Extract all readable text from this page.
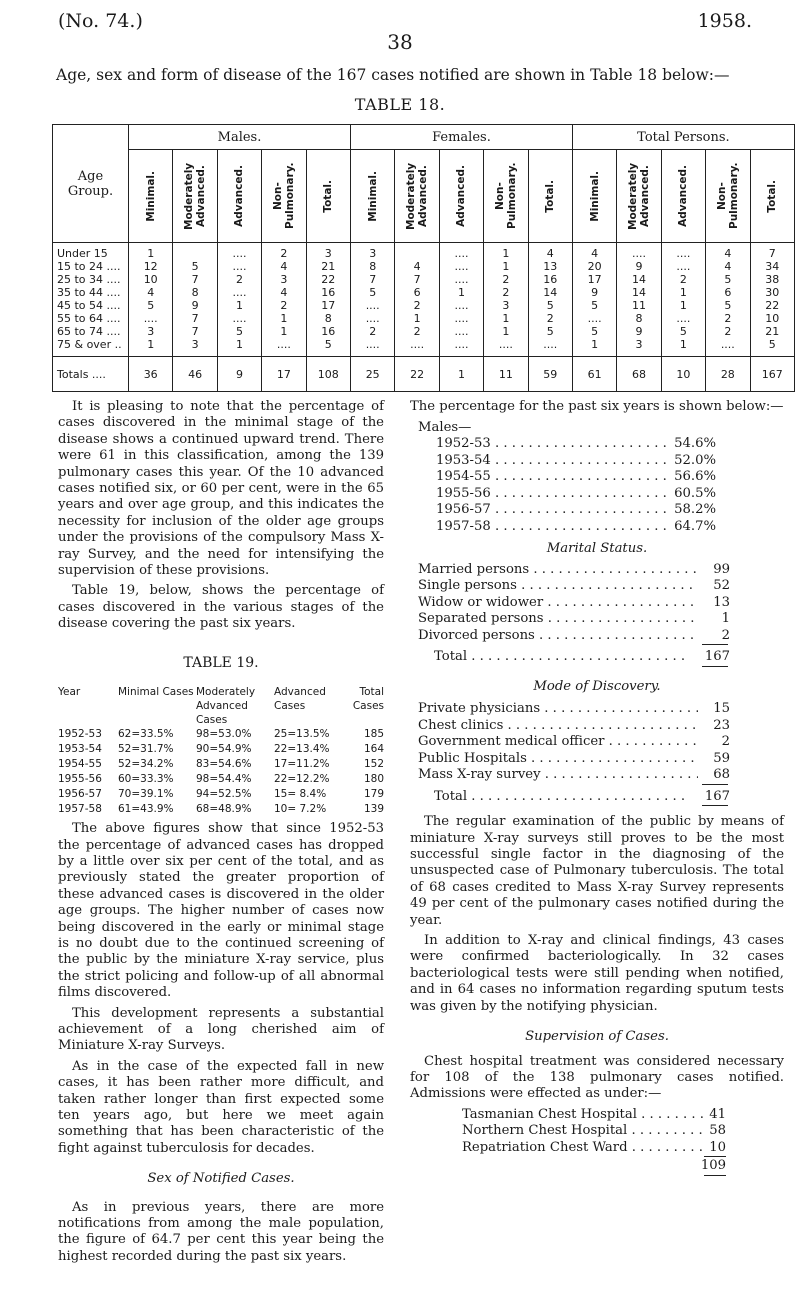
(No. 74.)
38
1958.
Age, sex and form of disease of the 167 cases notified are shown in Table 18 below:—
TABLE 18.
Age Group.	Males.					Females.					Total Persons.				

	Minimal.	Moderately Advanced.	Advanced.	Non-Pulmonary.	Total.	Minimal.	Moderately Advanced.	Advanced.	Non-Pulmonary.	Total.	Minimal.	Moderately Advanced.	Advanced.	Non-Pulmonary.	Total.

Under 15	1		....	2	3	3		....	1	4	4	....	....	4	7
15 to 24 ....	12	5	....	4	21	8	4	....	1	13	20	9	....	4	34
25 to 34 ....	10	7	2	3	22	7	7	....	2	16	17	14	2	5	38
35 to 44 ....	4	8	....	4	16	5	6	1	2	14	9	14	1	6	30
45 to 54 ....	5	9	1	2	17	....	2	....	3	5	5	11	1	5	22
55 to 64 ....	....	7	....	1	8	....	1	....	1	2	....	8	....	2	10
65 to 74 ....	3	7	5	1	16	2	2	....	1	5	5	9	5	2	21
75 & over ..	1	3	1	....	5	....	....	....	....	....	1	3	1	....	5
Totals ....	36	46	9	17	108	25	22	1	11	59	61	68	10	28	167

It is pleasing to note that the percentage of cases discovered in the minimal stage of the disease shows a continued upward trend. There were 61 in this classification, among the 139 pulmonary cases this year. Of the 10 advanced cases notified six, or 60 per cent, were in the 65 years and over age group, and this indicates the necessity for inclusion of the older age groups under the provisions of the compulsory Mass X-ray Survey, and the need for intensifying the supervision of these provisions.

Table 19, below, shows the percentage of cases discovered in the various stages of the disease covering the past six years.

TABLE 19.
Year	Minimal Cases	Moderately Advanced Cases	Advanced Cases	Total Cases
1952-53	62=33.5%	98=53.0%	25=13.5%	185
1953-54	52=31.7%	90=54.9%	22=13.4%	164
1954-55	52=34.2%	83=54.6%	17=11.2%	152
1955-56	60=33.3%	98=54.4%	22=12.2%	180
1956-57	70=39.1%	94=52.5%	15= 8.4%	179
1957-58	61=43.9%	68=48.9%	10= 7.2%	139

The above figures show that since 1952-53 the percentage of advanced cases has dropped by a little over six per cent of the total, and as previously stated the greater proportion of these advanced cases is discovered in the older age groups. The higher number of cases now being discovered in the early or minimal stage is no doubt due to the continued screening of the public by the miniature X-ray service, plus the strict policing and follow-up of all abnormal films discovered.

This development represents a substantial achievement of a long cherished aim of Miniature X-ray Surveys.

As in the case of the expected fall in new cases, it has been rather more difficult, and taken rather longer than first expected some ten years ago, but here we meet again something that has been characteristic of the fight against tuberculosis for decades.

Sex of Notified Cases.

As in previous years, there are more notifications from among the male population, the figure of 64.7 per cent this year being the highest recorded during the past six years.

The percentage for the past six years is shown below:—

Males—
1952-53 . . .	54.6%
1953-54 . . .	52.0%
1954-55 . . .	56.6%
1955-56 . . .	60.5%
1956-57 . . .	58.2%
1957-58 . . .	64.7%
Marital Status.
Married persons . . .	99
Single persons . . .	52
Widow or widower . . .	13
Separated persons . . .	1
Divorced persons . . .	2
Total . . .	167
Mode of Discovery.
Private physicians . . .	15
Chest clinics . . .	23
Government medical officer . . .	2
Public Hospitals . . .	59
Mass X-ray survey . . .	68
Total . . .	167

The regular examination of the public by means of miniature X-ray surveys still proves to be the most successful single factor in the diagnosing of the unsuspected case of Pulmonary tuberculosis. The total of 68 cases credited to Mass X-ray Survey represents 49 per cent of the pulmonary cases notified during the year.

In addition to X-ray and clinical findings, 43 cases were confirmed bacteriologically. In 32 cases bacteriological tests were still pending when notified, and in 64 cases no information regarding sputum tests was given by the notifying physician.

Supervision of Cases.

Chest hospital treatment was considered necessary for 108 of the 138 pulmonary cases notified. Admissions were effected as under:—

Tasmanian Chest Hospital . . .	41
Northern Chest Hospital . . .	58
Repatriation Chest Ward . . .	10
109
